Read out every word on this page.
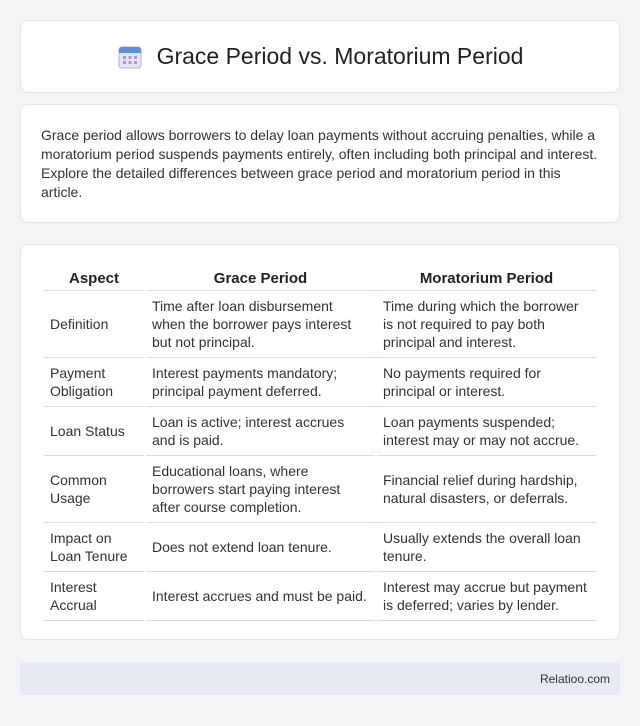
Grace Period vs. Moratorium Period

Grace period allows borrowers to delay loan payments without accruing penalties, while a moratorium period suspends payments entirely, often including both principal and interest. Explore the detailed differences between grace period and moratorium period in this article.

Aspect	Grace Period	Moratorium Period
Definition	Time after loan disbursement when the borrower pays interest but not principal.	Time during which the borrower is not required to pay both principal and interest.
Payment Obligation	Interest payments mandatory; principal payment deferred.	No payments required for principal or interest.
Loan Status	Loan is active; interest accrues and is paid.	Loan payments suspended; interest may or may not accrue.
Common Usage	Educational loans, where borrowers start paying interest after course completion.	Financial relief during hardship, natural disasters, or deferrals.
Impact on Loan Tenure	Does not extend loan tenure.	Usually extends the overall loan tenure.
Interest Accrual	Interest accrues and must be paid.	Interest may accrue but payment is deferred; varies by lender.
Relatioo.com
